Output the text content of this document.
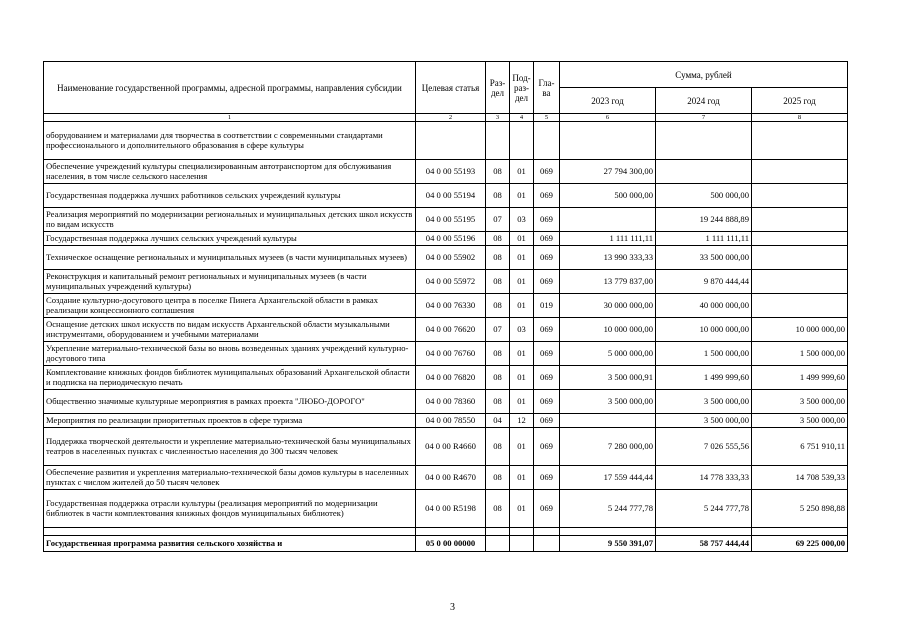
Наименование государственной программы, адресной программы, направления субсидии	Целевая статья	Раз- дел	Под- раз- дел	Гла- ва	Сумма, рублей		
					2023 год	2024 год	2025 год
1	2	3	4	5	6	7	8
оборудованием и материалами для творчества в соответствии с современными стандартами профессионального и дополнительного образования в сфере культуры							
Обеспечение учреждений культуры специализированным автотранспортом для обслуживания населения, в том числе сельского населения	04 0 00 55193	08	01	069	27 794 300,00		
Государственная поддержка лучших работников сельских учреждений культуры	04 0 00 55194	08	01	069	500 000,00	500 000,00	
Реализация мероприятий по модернизации региональных и муниципальных детских школ искусств по видам искусств	04 0 00 55195	07	03	069		19 244 888,89	
Государственная поддержка лучших сельских учреждений культуры	04 0 00 55196	08	01	069	1 111 111,11	1 111 111,11	
Техническое оснащение региональных и муниципальных музеев (в части муниципальных музеев)	04 0 00 55902	08	01	069	13 990 333,33	33 500 000,00	
Реконструкция и капитальный ремонт региональных и муниципальных музеев (в части муниципальных учреждений культуры)	04 0 00 55972	08	01	069	13 779 837,00	9 870 444,44	
Создание культурно-досугового центра в поселке Пинега Архангельской области в рамках реализации концессионного соглашения	04 0 00 76330	08	01	019	30 000 000,00	40 000 000,00	
Оснащение детских школ искусств по видам искусств Архангельской области музыкальными инструментами, оборудованием и учебными материалами	04 0 00 76620	07	03	069	10 000 000,00	10 000 000,00	10 000 000,00
Укрепление материально-технической базы во вновь возведенных зданиях учреждений культурно-досугового типа	04 0 00 76760	08	01	069	5 000 000,00	1 500 000,00	1 500 000,00
Комплектование книжных фондов библиотек муниципальных образований Архангельской области и подписка на периодическую печать	04 0 00 76820	08	01	069	3 500 000,91	1 499 999,60	1 499 999,60
Общественно значимые культурные мероприятия в рамках проекта "ЛЮБО-ДОРОГО"	04 0 00 78360	08	01	069	3 500 000,00	3 500 000,00	3 500 000,00
Мероприятия по реализации приоритетных проектов в сфере туризма	04 0 00 78550	04	12	069		3 500 000,00	3 500 000,00
Поддержка творческой деятельности и укрепление материально-технической базы муниципальных театров в населенных пунктах с численностью населения до 300 тысяч человек	04 0 00 R4660	08	01	069	7 280 000,00	7 026 555,56	6 751 910,11
Обеспечение развития и укрепления материально-технической базы домов культуры в населенных пунктах с числом жителей до 50 тысяч человек	04 0 00 R4670	08	01	069	17 559 444,44	14 778 333,33	14 708 539,33
Государственная поддержка отрасли культуры (реализация мероприятий по модернизации библиотек в части комплектования книжных фондов муниципальных библиотек)	04 0 00 R5198	08	01	069	5 244 777,78	5 244 777,78	5 250 898,88

Государственная программа развития сельского хозяйства и	05 0 00 00000				9 550 391,07	58 757 444,44	69 225 000,00
3
